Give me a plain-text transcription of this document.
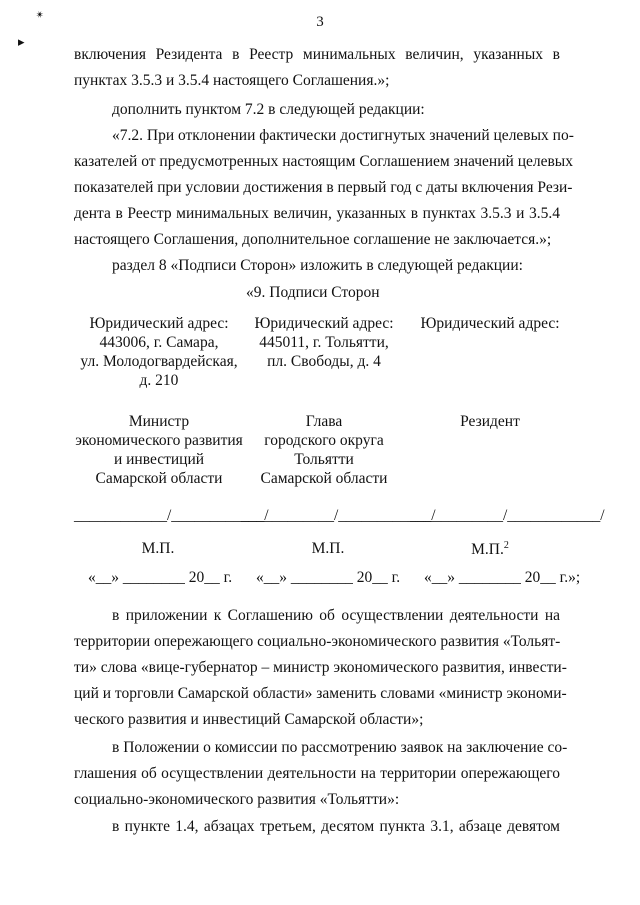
✴
▸
3
включения Резидента в Реестр минимальных величин, указанных в
пунктах 3.5.3 и 3.5.4 настоящего Соглашения.»;
дополнить пунктом 7.2 в следующей редакции:
«7.2. При отклонении фактически достигнутых значений целевых по-
казателей от предусмотренных настоящим Соглашением значений целевых
показателей при условии достижения в первый год с даты включения Рези-
дента в Реестр минимальных величин, указанных в пунктах 3.5.3 и 3.5.4
настоящего Соглашения, дополнительное соглашение не заключается.»;
раздел 8 «Подписи Сторон» изложить в следующей редакции:
«9. Подписи Сторон
Юридический адрес:
443006, г. Самара,
ул. Молодогвардейская,
д. 210
Юридический адрес:
445011, г. Тольятти,
пл. Свободы, д. 4
Юридический адрес:
Министр
экономического развития
и инвестиций
Самарской области
Глава
городского округа
Тольятти
Самарской области
Резидент
____________/____________/
____________/____________/
____________/____________/
М.П.	М.П.	М.П.$^2$
«__» ________ 20__ г. «__» ________ 20__ г. «__» ________ 20__ г.»;
в приложении к Соглашению об осуществлении деятельности на
территории опережающего социально-экономического развития «Тольят-
ти» слова «вице-губернатор – министр экономического развития, инвести-
ций и торговли Самарской области» заменить словами «министр экономи-
ческого развития и инвестиций Самарской области»;
в Положении о комиссии по рассмотрению заявок на заключение со-
глашения об осуществлении деятельности на территории опережающего
социально-экономического развития «Тольятти»:
в пункте 1.4, абзацах третьем, десятом пункта 3.1, абзаце девятом
